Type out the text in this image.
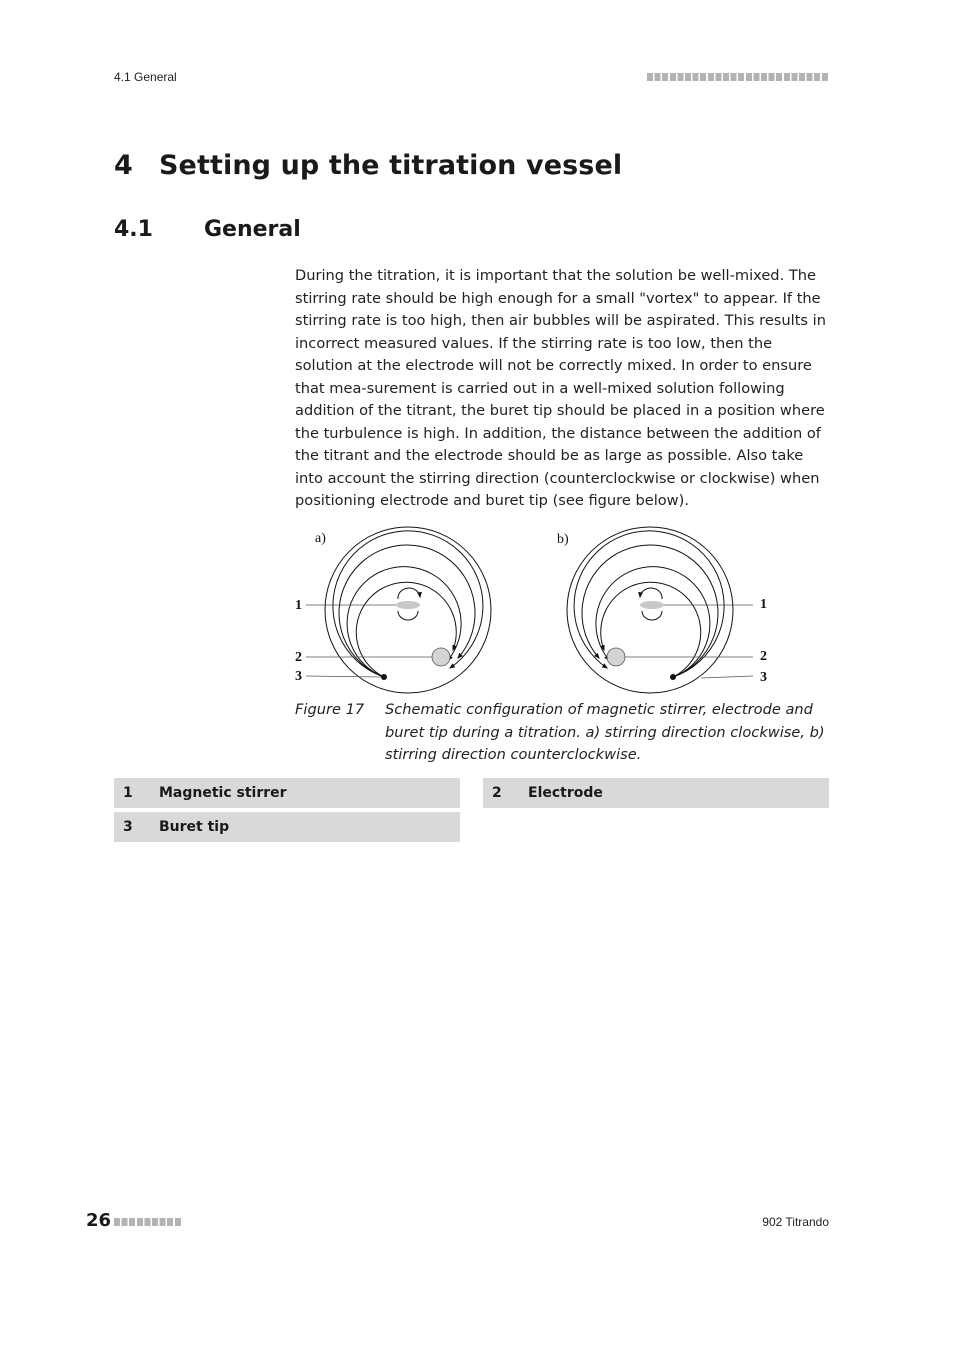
4.1 General
4 Setting up the titration vessel
4.1 General
During the titration, it is important that the solution be well-mixed. The stirring rate should be high enough for a small "vortex" to appear. If the stirring rate is too high, then air bubbles will be aspirated. This results in incorrect measured values. If the stirring rate is too low, then the solution at the electrode will not be correctly mixed. In order to ensure that mea-surement is carried out in a well-mixed solution following addition of the titrant, the buret tip should be placed in a position where the turbulence is high. In addition, the distance between the addition of the titrant and the electrode should be as large as possible. Also take into account the stirring direction (counterclockwise or clockwise) when positioning electrode and buret tip (see figure below).
a)
1
2
3
b)
1
2
3
Figure 17 Schematic configuration of magnetic stirrer, electrode and buret tip during a titration. a) stirring direction clockwise, b) stirring direction counterclockwise.
1	Magnetic stirrer	2	Electrode
3	Buret tip
26	902 Titrando
